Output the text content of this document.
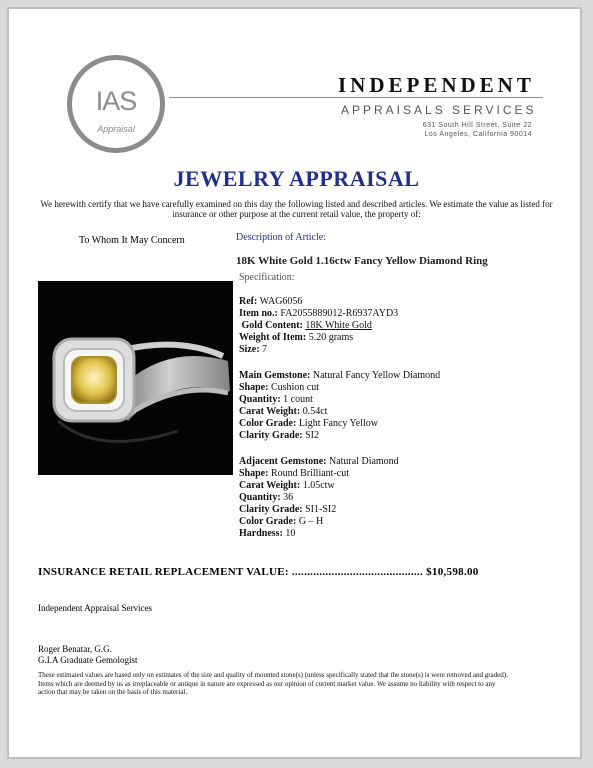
IAS
Appraisal
INDEPENDENT
APPRAISALS SERVICES
631 South Hill Street, Suite 22
Los Angeles, California 90014
JEWELRY APPRAISAL
We herewith certify that we have carefully examined on this day the following listed and described articles. We estimate the value as listed for insurance or other purpose at the current retail value, the property of:
To Whom It May Concern	Description of Article:
18K White Gold 1.16ctw Fancy Yellow Diamond Ring
Specification:
Ref: WAG6056
Item no.: FA2055889012-R6937AYD3
Gold Content: 18K White Gold
Weight of Item: 5.20 grams
Size: 7
Main Gemstone: Natural Fancy Yellow Diamond
Shape: Cushion cut
Quantity: 1 count
Carat Weight: 0.54ct
Color Grade: Light Fancy Yellow
Clarity Grade: SI2
Adjacent Gemstone: Natural Diamond
Shape: Round Brilliant-cut
Carat Weight: 1.05ctw
Quantity: 36
Clarity Grade: SI1-SI2
Color Grade: G – H
Hardness: 10
INSURANCE RETAIL REPLACEMENT VALUE: ........................................... $10,598.00
Independent Appraisal Services
Roger Benatar, G.G.
G.I.A Graduate Gemologist
These estimated values are based only on estimates of the size and quality of mounted stone(s) (unless specifically stated that the stone(s) is were removed and graded). Items which are deemed by us as irreplaceable or antique in nature are expressed as our opinion of current market value. We assume no liability with respect to any action that may be taken on the basis of this material.
